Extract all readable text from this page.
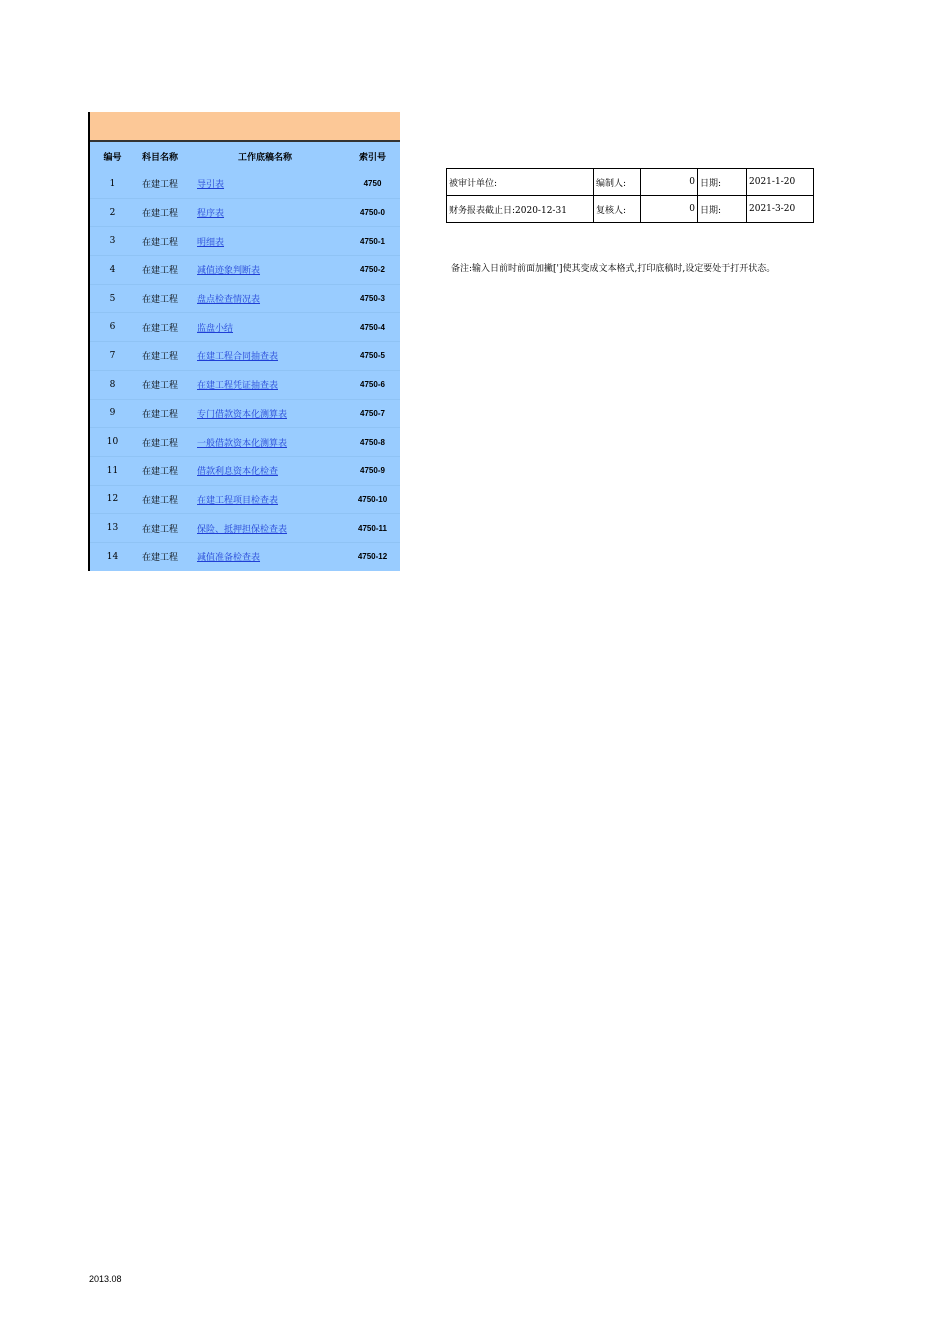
编号	科目名称	工作底稿名称	索引号
1	在建工程	导引表	4750
2	在建工程	程序表	4750-0
3	在建工程	明细表	4750-1
4	在建工程	减值迹象判断表	4750-2
5	在建工程	盘点检查情况表	4750-3
6	在建工程	监盘小结	4750-4
7	在建工程	在建工程合同抽查表	4750-5
8	在建工程	在建工程凭证抽查表	4750-6
9	在建工程	专门借款资本化测算表	4750-7
10	在建工程	一般借款资本化测算表	4750-8
11	在建工程	借款利息资本化检查	4750-9
12	在建工程	在建工程项目检查表	4750-10
13	在建工程	保险、抵押担保检查表	4750-11
14	在建工程	减值准备检查表	4750-12
被审计单位:	编制人:	0	日期:	2021-1-20
财务报表截止日:2020-12-31	复核人:	0	日期:	2021-3-20
备注:输入日前时前面加撇[']使其变成文本格式,打印底稿时,设定要处于打开状态。
2013.08
